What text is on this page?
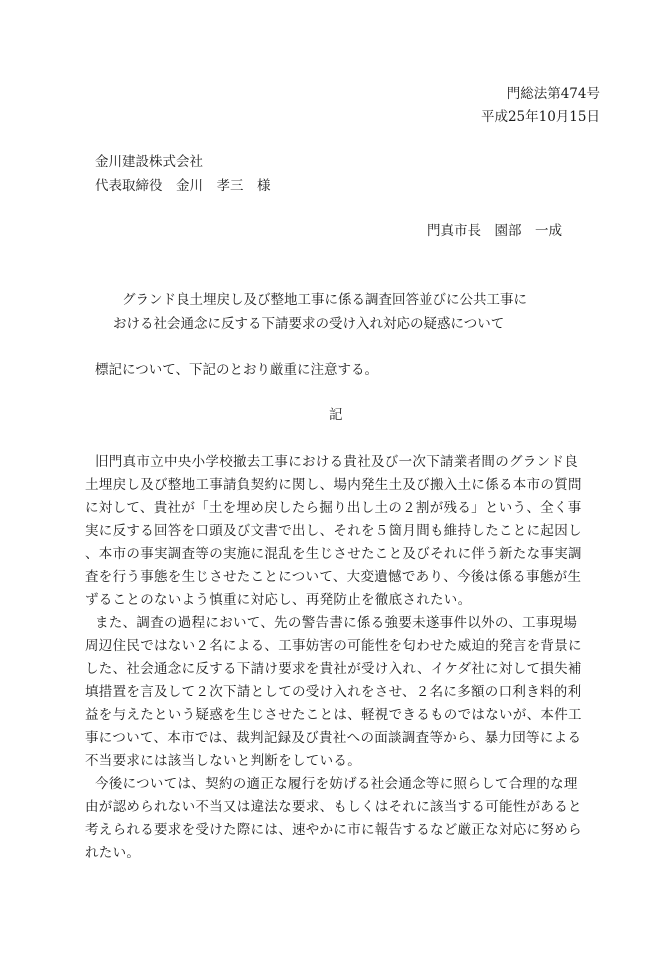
門総法第474号
平成25年10月15日
金川建設株式会社
代表取締役　金川　孝三　様
門真市長　園部　一成
グランド良土埋戻し及び整地工事に係る調査回答並びに公共工事に
おける社会通念に反する下請要求の受け入れ対応の疑惑について
標記について、下記のとおり厳重に注意する。
記
旧門真市立中央小学校撤去工事における貴社及び一次下請業者間のグランド良
土埋戻し及び整地工事請負契約に関し、場内発生土及び搬入土に係る本市の質問
に対して、貴社が「土を埋め戻したら掘り出し土の２割が残る」という、全く事
実に反する回答を口頭及び文書で出し、それを５箇月間も維持したことに起因し
、本市の事実調査等の実施に混乱を生じさせたこと及びそれに伴う新たな事実調
査を行う事態を生じさせたことについて、大変遺憾であり、今後は係る事態が生
ずることのないよう慎重に対応し、再発防止を徹底されたい。
また、調査の過程において、先の警告書に係る強要未遂事件以外の、工事現場
周辺住民ではない２名による、工事妨害の可能性を匂わせた威迫的発言を背景に
した、社会通念に反する下請け要求を貴社が受け入れ、イケダ社に対して損失補
填措置を言及して２次下請としての受け入れをさせ、２名に多額の口利き料的利
益を与えたという疑惑を生じさせたことは、軽視できるものではないが、本件工
事について、本市では、裁判記録及び貴社への面談調査等から、暴力団等による
不当要求には該当しないと判断をしている。
今後については、契約の適正な履行を妨げる社会通念等に照らして合理的な理
由が認められない不当又は違法な要求、もしくはそれに該当する可能性があると
考えられる要求を受けた際には、速やかに市に報告するなど厳正な対応に努めら
れたい。
